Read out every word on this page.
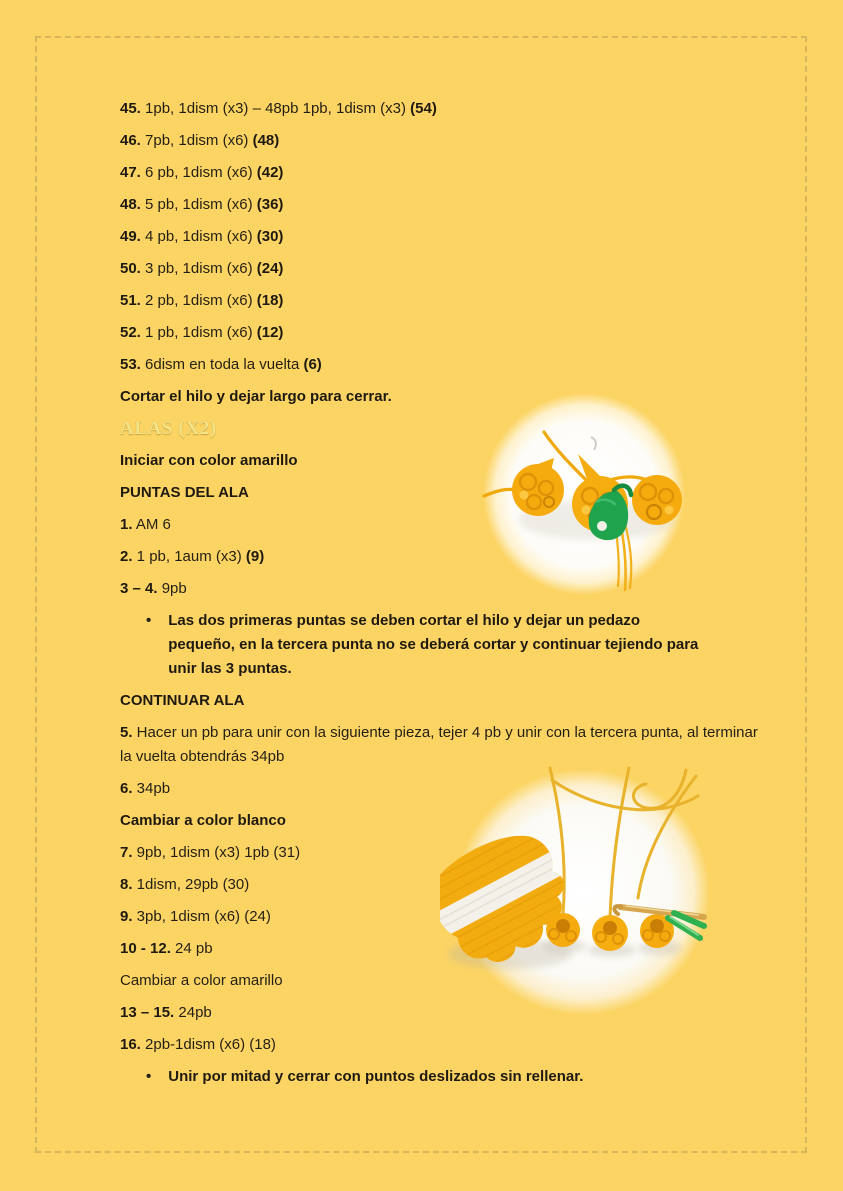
45. 1pb, 1dism (x3) – 48pb 1pb, 1dism (x3) (54)

46. 7pb, 1dism (x6) (48)

47. 6 pb, 1dism (x6) (42)

48. 5 pb, 1dism (x6) (36)

49. 4 pb, 1dism (x6) (30)

50. 3 pb, 1dism (x6) (24)

51. 2 pb, 1dism (x6) (18)

52. 1 pb, 1dism (x6) (12)

53. 6dism en toda la vuelta (6)

Cortar el hilo y dejar largo para cerrar.

ALAS (X2)

Iniciar con color amarillo

PUNTAS DEL ALA

1. AM 6

2. 1 pb, 1aum (x3) (9)

3 – 4. 9pb

• Las dos primeras puntas se deben cortar el hilo y dejar un pedazo pequeño, en la tercera punta no se deberá cortar y continuar tejiendo para unir las 3 puntas.

CONTINUAR ALA

5. Hacer un pb para unir con la siguiente pieza, tejer 4 pb y unir con la tercera punta, al terminar la vuelta obtendrás 34pb

6. 34pb

Cambiar a color blanco

7. 9pb, 1dism (x3) 1pb (31)

8. 1dism, 29pb (30)

9. 3pb, 1dism (x6) (24)

10 - 12. 24 pb

Cambiar a color amarillo

13 – 15. 24pb

16. 2pb-1dism (x6) (18)

• Unir por mitad y cerrar con puntos deslizados sin rellenar.
